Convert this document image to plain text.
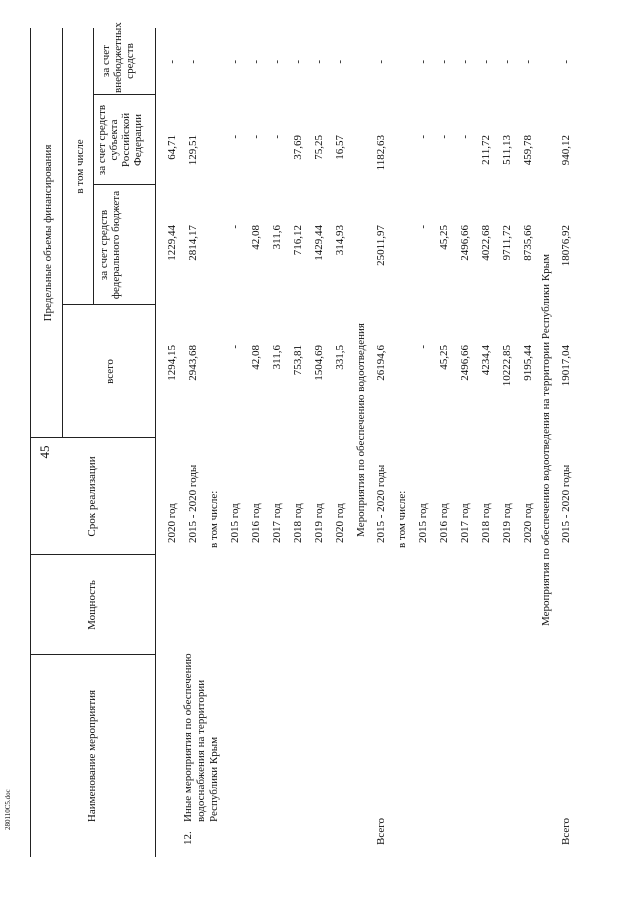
45
280110С5.doc	Наименование мероприятия
Мощность
Срок реализации
Предельные объемы финансирования в том числе
всего
за счет средств федерального бюджета
за счет средств субъекта Российской Федерации
за счет внебюджетных средств
12.
Иные мероприятия по обеспечению водоснабжения на территории Республики Крым
2020 год
1294,15
1229,44
64,71
-
2015 - 2020 годы
2943,68
2814,17
129,51
-
в том числе: 2015 год
-
-
-
-
2016 год
42,08
42,08
-
-
2017 год
311,6
311,6
-
-
2018 год
753,81
716,12
37,69
-
2019 год
1504,69
1429,44
75,25
-
2020 год
331,5
314,93
16,57
-
Мероприятия по обеспечению водоотведения
Всего
2015 - 2020 годы
26194,6
25011,97
1182,63
-
в том числе: 2015 год
-
-
-
-
2016 год
45,25
45,25
-
-
2017 год
2496,66
2496,66
-
-
2018 год
4234,4
4022,68
211,72
-
2019 год
10222,85
9711,72
511,13
-
2020 год
9195,44
8735,66
459,78
-
Мероприятия по обеспечению водоотведения на территории Республики Крым
Всего
2015 - 2020 годы
19017,04
18076,92
940,12
-
